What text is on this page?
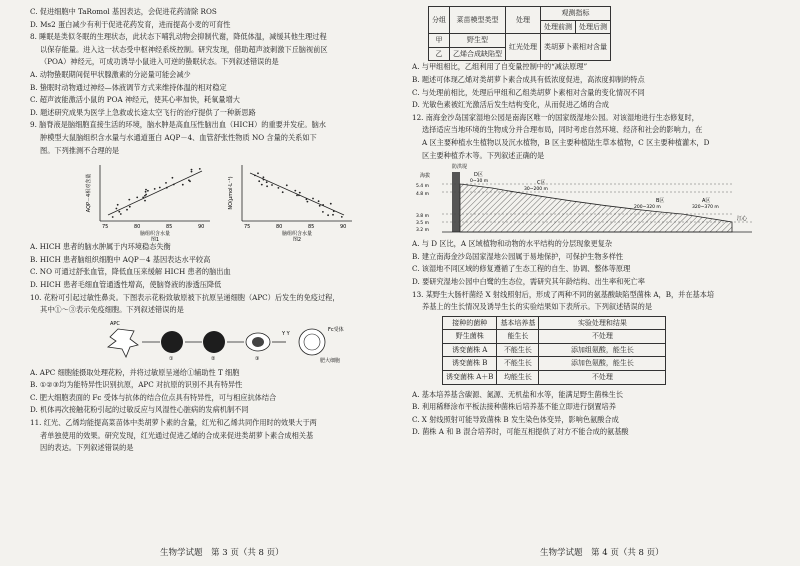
C. 促进细胞中 TaRomol 基因表达，会促进花药清除 ROS

D. Ms2 蛋白减少有利于促进花药发育，进而提高小麦的可育性

8. 睡眠是类似冬眠的生理状态，此状态下哺乳动物会抑制代谢，降低体温，减缓其他生理过程

以保存能量。进入这一状态受中枢神经系统控制。研究发现，借助超声波刺激下丘脑视前区

（POA）神经元，可成功诱导小鼠进入可逆的蛰眠状态。下列叙述错误的是

A. 动物蛰眠期间促甲状腺激素的分泌量可能会减少

B. 蛰眠时动物通过神经—体液调节方式来维持体温的相对稳定

C. 超声波能激活小鼠的 POA 神经元，使其心率加快，耗氧量增大

D. 题述研究成果为医学上急救或长途太空飞行的治疗提供了一种新思路

9. 脑脊液是脑细胞直接生活的环境，脑水肿是高血压性脑出血（HICH）的重要并发症。脑水

肿模型大鼠脑组织含水量与水通道蛋白 AQP－4、血管舒张性物质 NO 含量的关系如下

图。下列推测不合理的是

AQP－4相对含量
75	80	85	90
脑组织含水量
图1
NO(μmol·L⁻¹)
75	80	85	90
脑组织含水量
图2

A. HICH 患者的脑水肿属于内环境稳态失衡

B. HICH 患者脑组织细胞中 AQP－4 基因表达水平较高

C. NO 可通过舒张血管，降低血压来缓解 HICH 患者的脑出血

D. HICH 患者毛细血管通透性增高，使脑脊液的渗透压降低

10. 花粉可引起过敏性鼻炎。下图表示花粉致敏原被下抗原呈递细胞（APC）后发生的免疫过程，

其中①～③表示免疫细胞。下列叙述错误的是

APC
①	②	③
Y Y
Fc受体
肥大细胞

A. APC 细胞能摄取处理花粉，并将过敏原呈递给①辅助性 T 细胞

B. ①②③均为能特异性识别抗原，APC 对抗原的识别不具有特异性

C. 肥大细胞表面的 Fc 受体与抗体的结合位点具有特异性，可与相应抗体结合

D. 机体再次接触花粉引起的过敏反应与风湿性心脏病的发病机制不同

11. 红光、乙烯均能提高菜苗体中类胡萝卜素的含量，红光和乙烯共同作用时的效果大于两

者单独使用的效果。研究发现，红光通过促进乙烯的合成来促进类胡萝卜素合成相关基

因的表达。下列叙述错误的是

生物学试题　第 3 页（共 8 页）
分组	菜苗模型类型	处理	观测指标	
			处理前测	处理后测
甲	野生型	红光处理	类胡萝卜素相对含量	
乙	乙烯合成缺陷型			

A. 与甲组相比，乙组利用了自变量控制中的“减法原理”

B. 题述可体现乙烯对类胡萝卜素合成具有低浓度促进，高浓度抑制的特点

C. 与处理前相比，处理后甲组和乙组类胡萝卜素相对含量的变化情况不同

D. 光敏色素被红光激活后发生结构变化，从而促进乙烯的合成

12. 南海金沙岛国家湿地公园是南海区唯一的国家级湿地公园。对该湿地进行生态修复时，

选择适应当地环境的生物成分并合理布局，同时考虑自然环境、经济和社会的影响力，在

A 区主要种植水生植物以及沉水植物，B 区主要种植陆生草本植物，C 区主要种植灌木，D

区主要种植乔木等。下列叙述正确的是

防洪堤
海拔	D区
0~30 m	C区
30~200 m
B区
200~320 m
A区
320~370 m
5.4 m
4.8 m
3.8 m
3.5 m
3.2 m
江心

A. 与 D 区比，A 区域植物和动物的水平结构的分层现象更复杂

B. 建立南海金沙岛国家湿地公园属于易地保护，可保护生物多样性

C. 该湿地不同区域的修复遵循了生态工程的自生、协调、整体等原理

D. 要研究湿地公园中白鹭的生态位，需研究其年龄结构、出生率和死亡率

13. 某野生大肠杆菌经 X 射线照射后，形成了两种不同的氨基酸缺陷型菌株 A，B，并在基本培

养基上的生长情况及诱导生长的实验结果如下表所示。下列叙述错误的是

接种的菌种	基本培养基	实验处理和结果
野生菌株	能生长	不处理
诱变菌株 A	不能生长	添加组氨酸，能生长
诱变菌株 B	不能生长	添加色氨酸，能生长
诱变菌株 A＋B	均能生长	不处理

A. 基本培养基含碳源、氮源、无机盐和水等，能满足野生菌株生长

B. 利用稀释涂布平板法接种菌株后培养基不能立即进行倒置培养

C. X 射线照射可能导致菌株 B 发生染色体变异，影响色氨酸合成

D. 菌株 A 和 B 混合培养时，可能互相提供了对方不能合成的氨基酸

生物学试题　第 4 页（共 8 页）
